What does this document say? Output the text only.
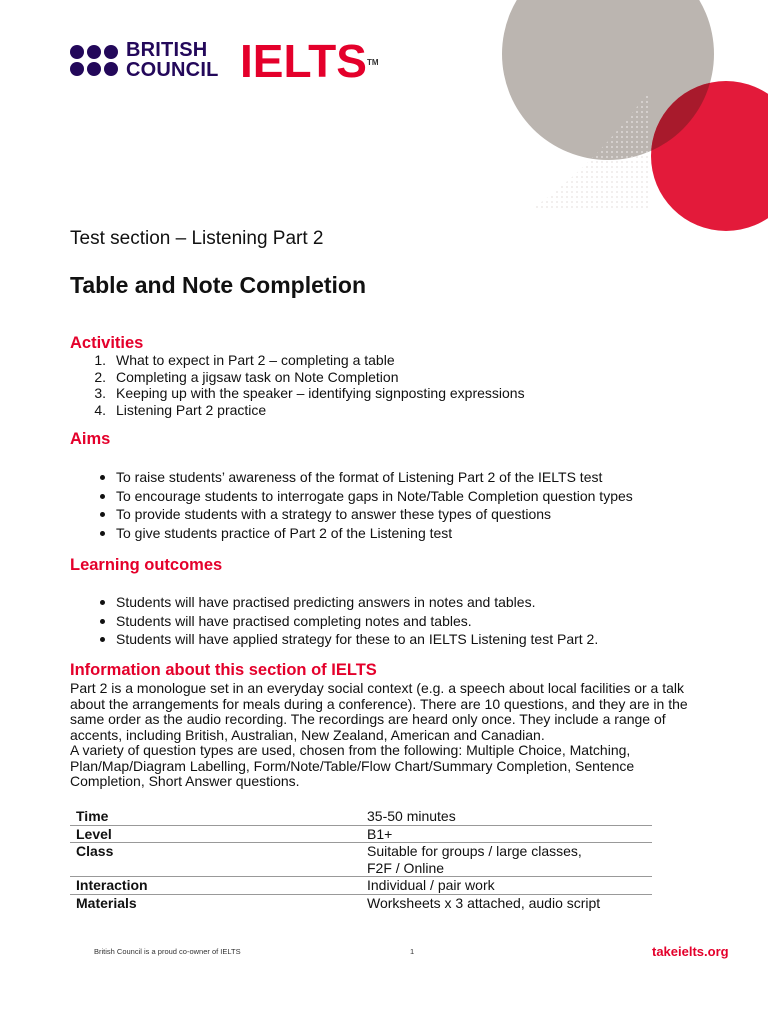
BRITISH
COUNCIL IELTS™
Test section – Listening Part 2
Table and Note Completion
Activities
1. What to expect in Part 2 – completing a table
2. Completing a jigsaw task on Note Completion
3. Keeping up with the speaker – identifying signposting expressions
4. Listening Part 2 practice
Aims
To raise students’ awareness of the format of Listening Part 2 of the IELTS test
To encourage students to interrogate gaps in Note/Table Completion question types
To provide students with a strategy to answer these types of questions
To give students practice of Part 2 of the Listening test
Learning outcomes
Students will have practised predicting answers in notes and tables.
Students will have practised completing notes and tables.
Students will have applied strategy for these to an IELTS Listening test Part 2.
Information about this section of IELTS

Part 2 is a monologue set in an everyday social context (e.g. a speech about local facilities or a talk about the arrangements for meals during a conference). There are 10 questions, and they are in the same order as the audio recording. The recordings are heard only once. They include a range of accents, including British, Australian, New Zealand, American and Canadian.

A variety of question types are used, chosen from the following: Multiple Choice, Matching, Plan/Map/Diagram Labelling, Form/Note/Table/Flow Chart/Summary Completion, Sentence Completion, Short Answer questions.

Time	35-50 minutes
Level	B1+
Class	Suitable for groups / large classes,
F2F / Online

Interaction	Individual / pair work
Materials	Worksheets x 3 attached, audio script
British Council is a proud co-owner of IELTS	1	takeielts.org
